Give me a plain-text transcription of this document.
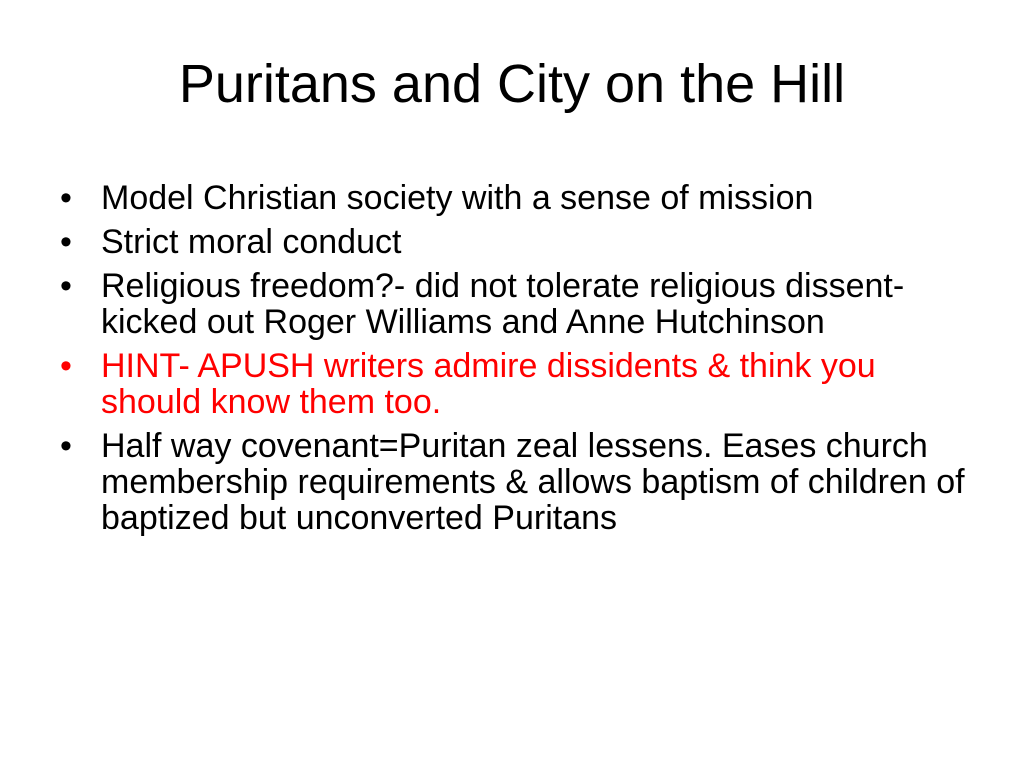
Puritans and City on the Hill
• Model Christian society with a sense of mission
• Strict moral conduct
• Religious freedom?- did not tolerate religious dissent- kicked out Roger Williams and Anne Hutchinson
• HINT- APUSH writers admire dissidents & think you should know them too.
• Half way covenant=Puritan zeal lessens. Eases church membership requirements & allows baptism of children of baptized but unconverted Puritans
